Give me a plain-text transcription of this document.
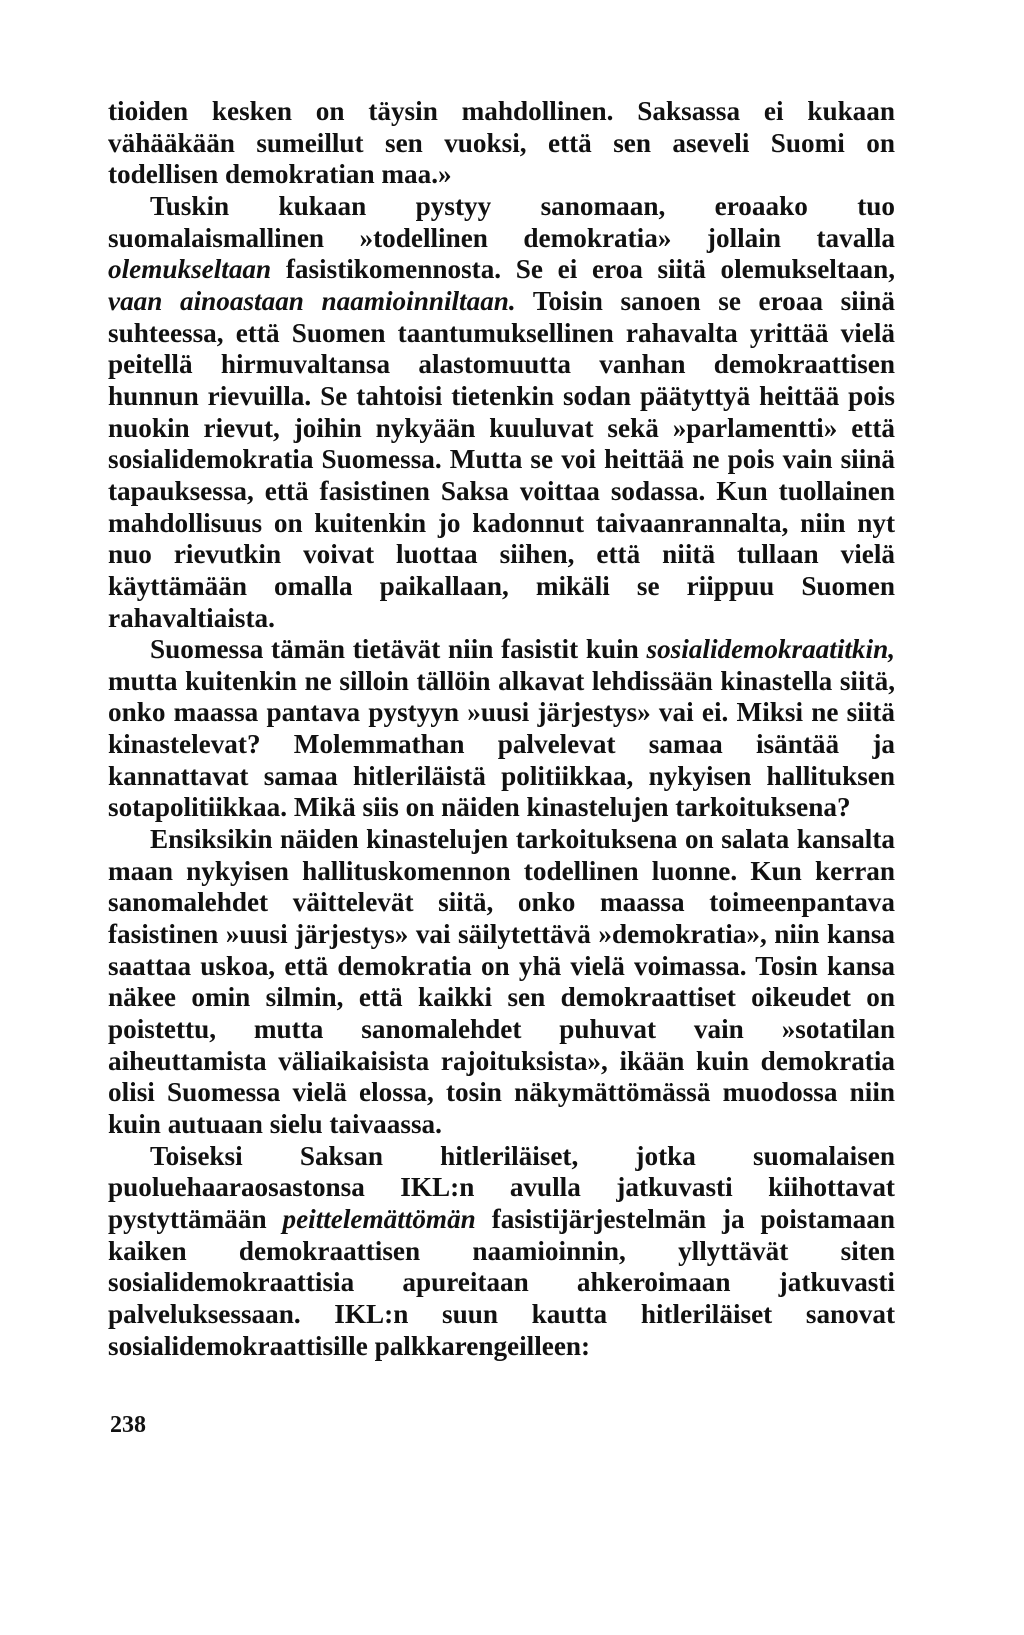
tioiden kesken on täysin mahdollinen. Saksassa ei kukaan vähääkään sumeillut sen vuoksi, että sen aseveli Suomi on todellisen demokratian maa.»

Tuskin kukaan pystyy sanomaan, eroaako tuo suomalaismallinen »todellinen demokratia» jollain tavalla olemukseltaan fasistikomennosta. Se ei eroa siitä olemukseltaan, vaan ainoastaan naamioinniltaan. Toisin sanoen se eroaa siinä suhteessa, että Suomen taantumuksellinen rahavalta yrittää vielä peitellä hirmuvaltansa alastomuutta vanhan demokraattisen hunnun rievuilla. Se tahtoisi tietenkin sodan päätyttyä heittää pois nuokin rievut, joihin nykyään kuuluvat sekä »parlamentti» että sosialidemokratia Suomessa. Mutta se voi heittää ne pois vain siinä tapauksessa, että fasistinen Saksa voittaa sodassa. Kun tuollainen mahdollisuus on kuitenkin jo kadonnut taivaanrannalta, niin nyt nuo rievutkin voivat luottaa siihen, että niitä tullaan vielä käyttämään omalla paikallaan, mikäli se riippuu Suomen rahavaltiaista.

Suomessa tämän tietävät niin fasistit kuin sosialidemokraatitkin, mutta kuitenkin ne silloin tällöin alkavat lehdissään kinastella siitä, onko maassa pantava pystyyn »uusi järjestys» vai ei. Miksi ne siitä kinastelevat? Molemmathan palvelevat samaa isäntää ja kannattavat samaa hitleriläistä politiikkaa, nykyisen hallituksen sotapolitiikkaa. Mikä siis on näiden kinastelujen tarkoituksena?

Ensiksikin näiden kinastelujen tarkoituksena on salata kansalta maan nykyisen hallituskomennon todellinen luonne. Kun kerran sanomalehdet väittelevät siitä, onko maassa toimeenpantava fasistinen »uusi järjestys» vai säilytettävä »demokratia», niin kansa saattaa uskoa, että demokratia on yhä vielä voimassa. Tosin kansa näkee omin silmin, että kaikki sen demokraattiset oikeudet on poistettu, mutta sanomalehdet puhuvat vain »sotatilan aiheuttamista väliaikaisista rajoituksista», ikään kuin demokratia olisi Suomessa vielä elossa, tosin näkymättömässä muodossa niin kuin autuaan sielu taivaassa.

Toiseksi Saksan hitleriläiset, jotka suomalaisen puoluehaaraosastonsa IKL:n avulla jatkuvasti kiihottavat pystyttämään peittelemättömän fasistijärjestelmän ja poistamaan kaiken demokraattisen naamioinnin, yllyttävät siten sosialidemokraattisia apureitaan ahkeroimaan jatkuvasti palveluksessaan. IKL:n suun kautta hitleriläiset sanovat sosialidemokraattisille palkkarengeilleen:

238
